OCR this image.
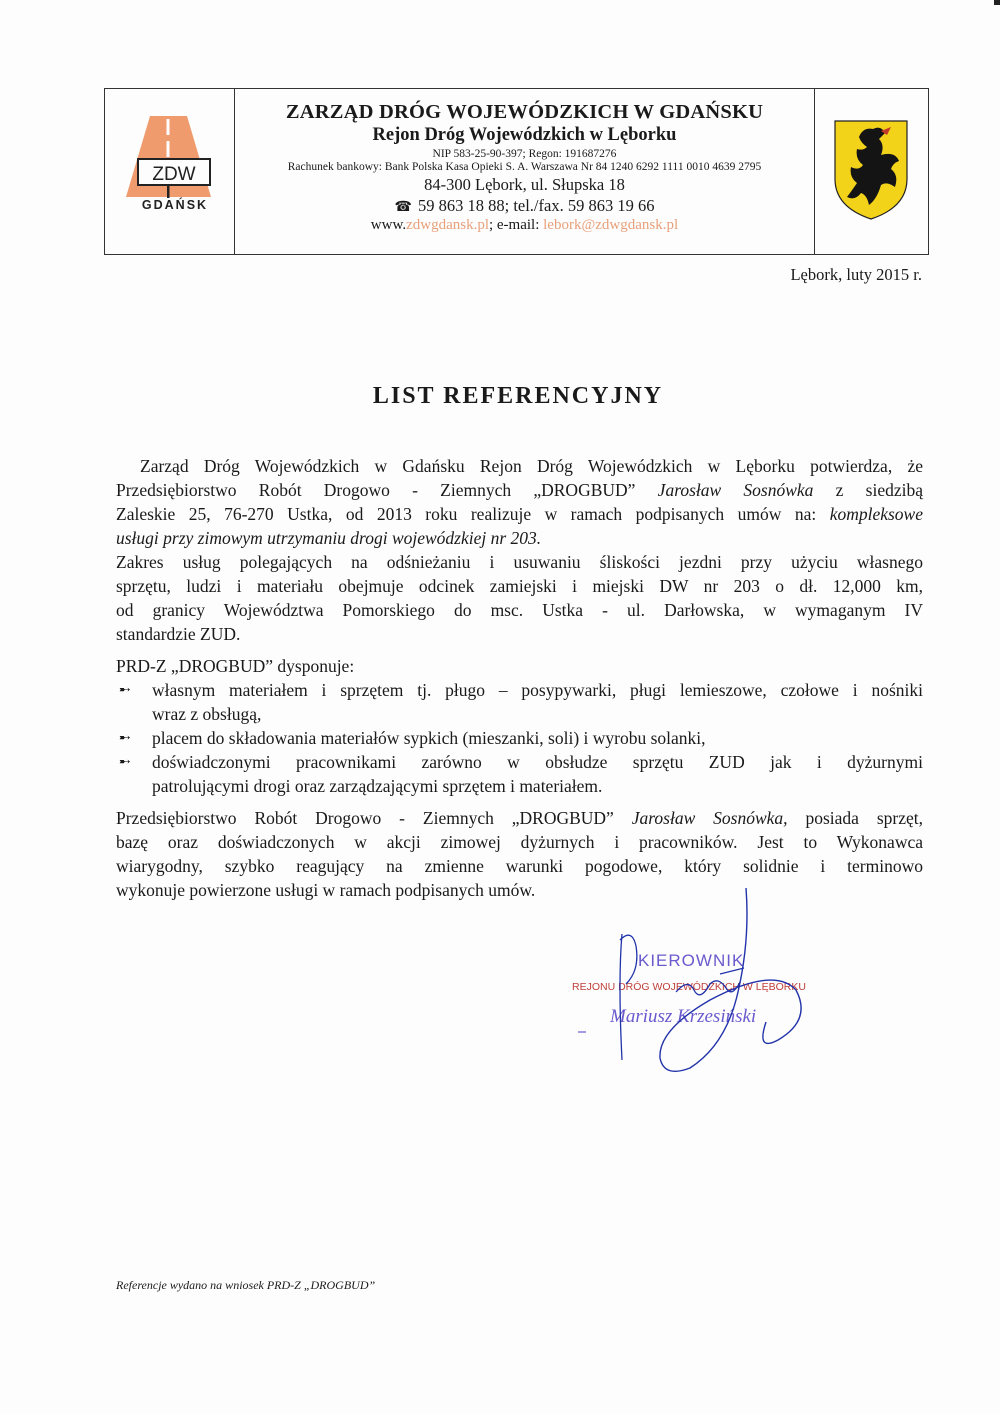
ZDW
GDAŃSK
ZARZĄD DRÓG WOJEWÓDZKICH W GDAŃSKU
Rejon Dróg Wojewódzkich w Lęborku
NIP 583-25-90-397; Regon: 191687276
Rachunek bankowy: Bank Polska Kasa Opieki S. A. Warszawa Nr 84 1240 6292 1111 0010 4639 2795
84-300 Lębork, ul. Słupska 18
☎ 59 863 18 88; tel./fax. 59 863 19 66
www.zdwgdansk.pl; e-mail: lebork@zdwgdansk.pl
Lębork, luty 2015 r.
LIST REFERENCYJNY

Zarząd Dróg Wojewódzkich w Gdańsku Rejon Dróg Wojewódzkich w Lęborku potwierdza, że
Przedsiębiorstwo Robót Drogowo - Ziemnych „DROGBUD” Jarosław Sosnówka z siedzibą
Zaleskie 25, 76-270 Ustka, od 2013 roku realizuje w ramach podpisanych umów na: kompleksowe
usługi przy zimowym utrzymaniu drogi wojewódzkiej nr 203.

Zakres usług polegających na odśnieżaniu i usuwaniu śliskości jezdni przy użyciu własnego
sprzętu, ludzi i materiału obejmuje odcinek zamiejski i miejski DW nr 203 o dł. 12,000 km,
od granicy Województwa Pomorskiego do msc. Ustka - ul. Darłowska, w wymaganym IV
standardzie ZUD.

PRD-Z „DROGBUD” dysponuje:

➸ własnym materiałem i sprzętem tj. pługo – posypywarki, pługi lemieszowe, czołowe i nośniki
wraz z obsługą,
➸ placem do składowania materiałów sypkich (mieszanki, soli) i wyrobu solanki,
➸ doświadczonymi pracownikami zarówno w obsłudze sprzętu ZUD jak i dyżurnymi
patrolującymi drogi oraz zarządzającymi sprzętem i materiałem.

Przedsiębiorstwo Robót Drogowo - Ziemnych „DROGBUD” Jarosław Sosnówka, posiada sprzęt,
bazę oraz doświadczonych w akcji zimowej dyżurnych i pracowników. Jest to Wykonawca
wiarygodny, szybko reagujący na zmienne warunki pogodowe, który solidnie i terminowo
wykonuje powierzone usługi w ramach podpisanych umów.

KIEROWNIK
REJONU DRÓG WOJEWÓDZKICH W LĘBORKU
Mariusz Krzesiński
Referencje wydano na wniosek PRD-Z „DROGBUD”
